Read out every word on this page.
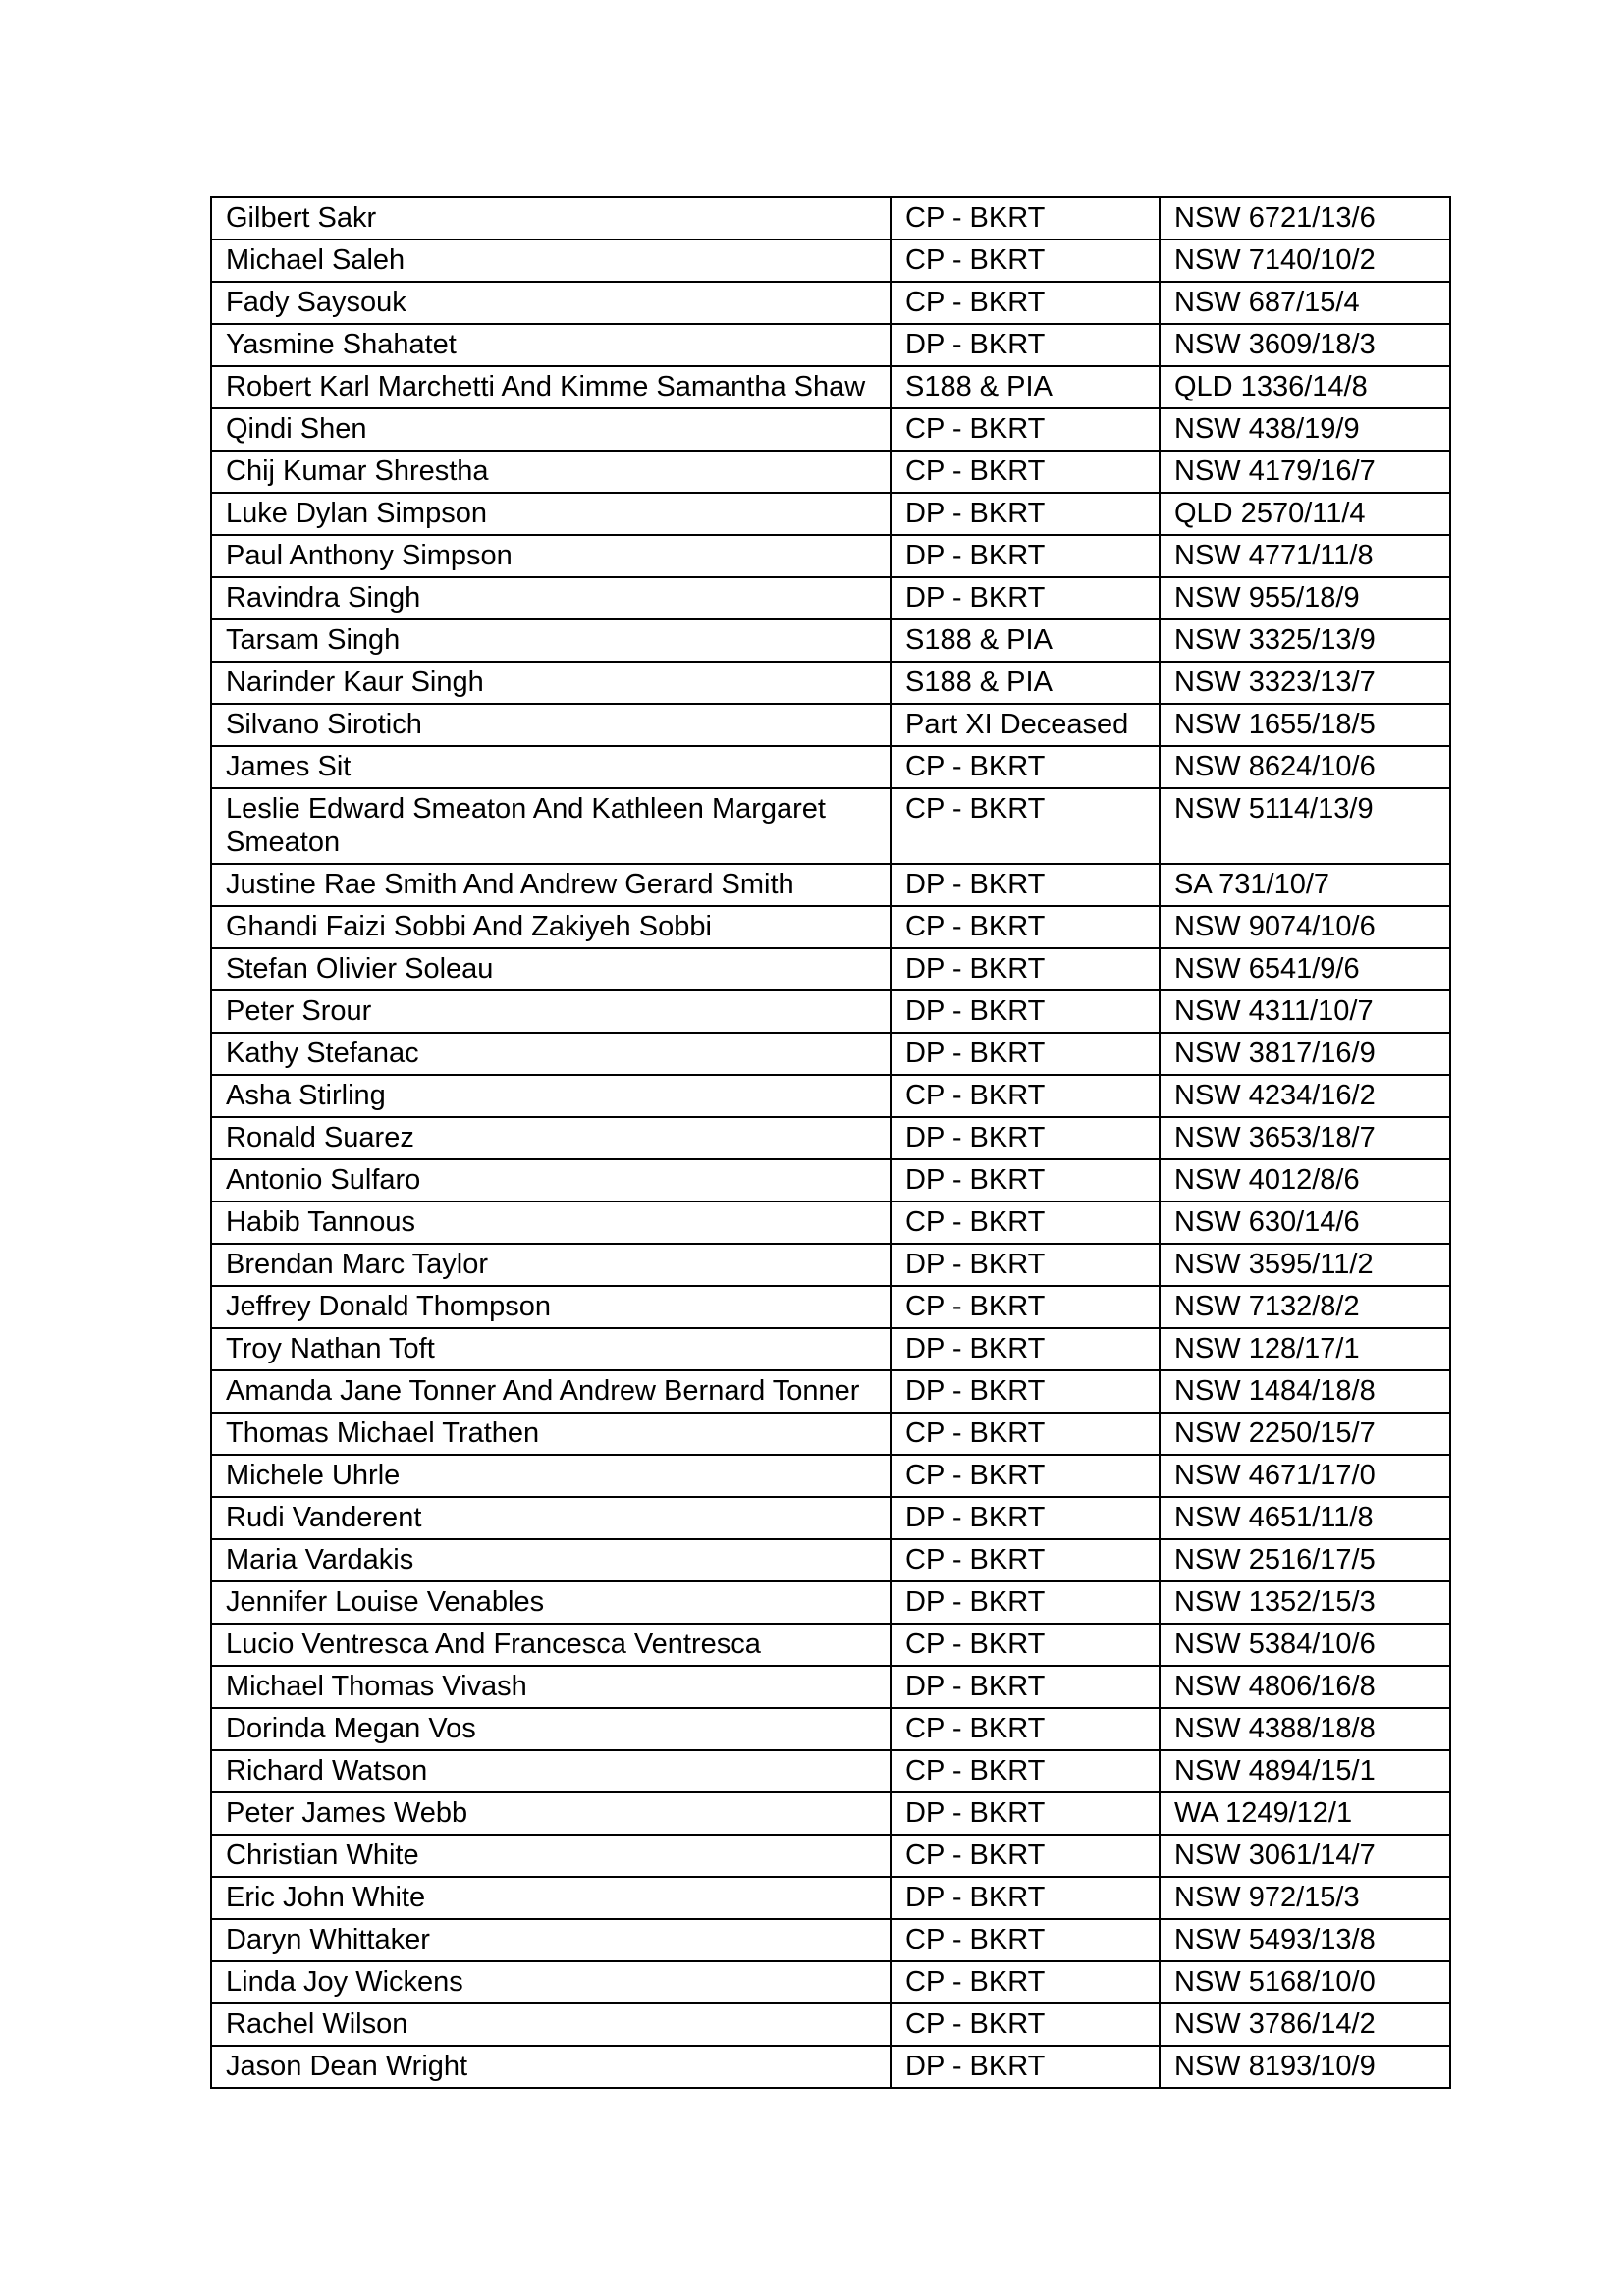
Gilbert Sakr	CP - BKRT	NSW 6721/13/6
Michael Saleh	CP - BKRT	NSW 7140/10/2
Fady Saysouk	CP - BKRT	NSW 687/15/4
Yasmine Shahatet	DP - BKRT	NSW 3609/18/3
Robert Karl Marchetti And Kimme Samantha Shaw	S188 & PIA	QLD 1336/14/8
Qindi Shen	CP - BKRT	NSW 438/19/9
Chij Kumar Shrestha	CP - BKRT	NSW 4179/16/7
Luke Dylan Simpson	DP - BKRT	QLD 2570/11/4
Paul Anthony Simpson	DP - BKRT	NSW 4771/11/8
Ravindra Singh	DP - BKRT	NSW 955/18/9
Tarsam Singh	S188 & PIA	NSW 3325/13/9
Narinder Kaur Singh	S188 & PIA	NSW 3323/13/7
Silvano Sirotich	Part XI Deceased	NSW 1655/18/5
James Sit	CP - BKRT	NSW 8624/10/6
Leslie Edward Smeaton And Kathleen Margaret Smeaton	CP - BKRT	NSW 5114/13/9
Justine Rae Smith And Andrew Gerard Smith	DP - BKRT	SA 731/10/7
Ghandi Faizi Sobbi And Zakiyeh Sobbi	CP - BKRT	NSW 9074/10/6
Stefan Olivier Soleau	DP - BKRT	NSW 6541/9/6
Peter Srour	DP - BKRT	NSW 4311/10/7
Kathy Stefanac	DP - BKRT	NSW 3817/16/9
Asha Stirling	CP - BKRT	NSW 4234/16/2
Ronald Suarez	DP - BKRT	NSW 3653/18/7
Antonio Sulfaro	DP - BKRT	NSW 4012/8/6
Habib Tannous	CP - BKRT	NSW 630/14/6
Brendan Marc Taylor	DP - BKRT	NSW 3595/11/2
Jeffrey Donald Thompson	CP - BKRT	NSW 7132/8/2
Troy Nathan Toft	DP - BKRT	NSW 128/17/1
Amanda Jane Tonner And Andrew Bernard Tonner	DP - BKRT	NSW 1484/18/8
Thomas Michael Trathen	CP - BKRT	NSW 2250/15/7
Michele Uhrle	CP - BKRT	NSW 4671/17/0
Rudi Vanderent	DP - BKRT	NSW 4651/11/8
Maria Vardakis	CP - BKRT	NSW 2516/17/5
Jennifer Louise Venables	DP - BKRT	NSW 1352/15/3
Lucio Ventresca And Francesca Ventresca	CP - BKRT	NSW 5384/10/6
Michael Thomas Vivash	DP - BKRT	NSW 4806/16/8
Dorinda Megan Vos	CP - BKRT	NSW 4388/18/8
Richard Watson	CP - BKRT	NSW 4894/15/1
Peter James Webb	DP - BKRT	WA 1249/12/1
Christian White	CP - BKRT	NSW 3061/14/7
Eric John White	DP - BKRT	NSW 972/15/3
Daryn Whittaker	CP - BKRT	NSW 5493/13/8
Linda Joy Wickens	CP - BKRT	NSW 5168/10/0
Rachel Wilson	CP - BKRT	NSW 3786/14/2
Jason Dean Wright	DP - BKRT	NSW 8193/10/9
